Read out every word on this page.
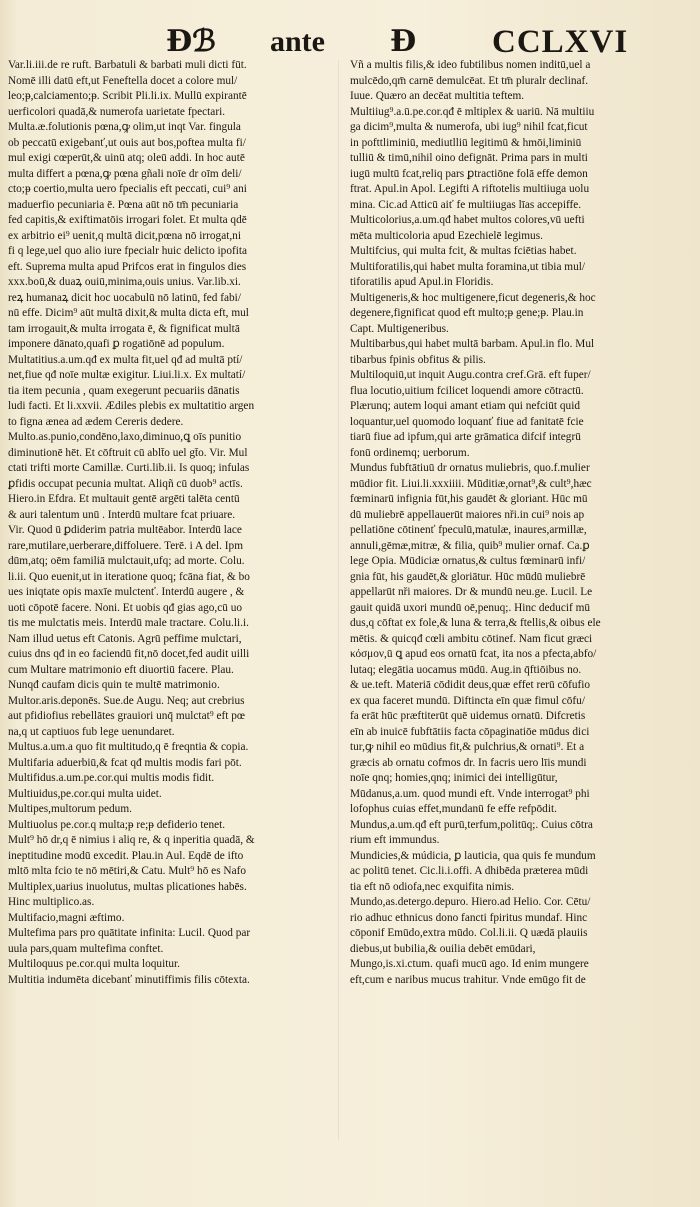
Ɖℬ ante Ɖ CCLXVI
Var.li.iii.de re ruft. Barbatuli & barbati muli dicti fūt.
Nomē illi datū eft,ut Feneftella docet a colore mul/
leo;ᵽ,calciamento;ᵽ. Scribit Pli.li.ix. Mullū expirantē
uerficolori quadā,& numerofa uarietate fpectari.
Multa.æ.folutionis pœna,ꝙ olim,ut inqt Var. fingula
ob peccatū exigebanť,ut ouis aut bos,poftea multa fi/
mul exigi cœperūt,& uinū atq; oleū addi. In hoc autē
multa differt a pœna,ꝙ pœna gñali noīe dr oīm deli/
cto;ᵽ coertio,multa uero fpecialis eft peccati, cui⁹ ani
maduerfio pecuniaria ē. Pœna aūt nō tm̄ pecuniaria
fed capitis,& exiftimatōis irrogari folet. Et multa qdē
ex arbitrio ei⁹ uenit,q multā dicit,pœna nō irrogat,ni
fi q lege,uel quo alio iure fpecialr huic delicto ipofita
eft. Suprema multa apud Prifcos erat in fingulos dies
xxx.boū,& duaꝝ ouiū,minima,ouis unius. Var.lib.xi.
reꝝ humanaꝝ dicit hoc uocabulū nō latinū, fed fabi/
nū effe. Dicim⁹ aūt multā dixit,& multa dicta eft, mul
tam irrogauit,& multa irrogata ē, & fignificat multā
imponere dānato,quafi ꝑ rogatiōnē ad populum.
Multatitius.a.um.qđ ex multa fit,uel qđ ad multā ptí/
net,fiue qđ noīe multæ exigitur. Liui.li.x. Ex multatí/
tia item pecunia , quam exegerunt pecuariis dānatis
ludi facti. Et li.xxvii. Ædiles plebis ex multatitio argen
to figna ænea ad ædem Cereris dedere.
Multo.as.punio,condēno,laxo,diminuo,ꝗ oīs punitio
diminutionē hēt. Et cōftruit cū ablt̄o uel gt̄o. Vir. Mul
ctati trifti morte Camillæ. Curti.lib.ii. Is quoq; infulas
ꝑfidis occupat pecunia multat. Aliqñ cū duob⁹ actīs.
Hiero.in Efdra. Et multauit gentē argēti talēta centū
& auri talentum unū . Interdū multare fcat priuare.
Vir. Quod ū ꝑdiderim patria multēabor. Interdū lace
rare,mutilare,uerberare,diffoluere. Terē. i A del. Ipm
dūm,atq; oēm familiā mulctauit,ufq; ad morte. Colu.
li.ii. Quo euenit,ut in iteratione quoq; fcāna fiat, & bo
ues iniqtate opis maxīe mulctenť. Interdū augere , &
uoti cōpotē facere. Noni. Et uobis qđ gias ago,cū uo
tis me mulctatis meis. Interdū male tractare. Colu.li.i.
Nam illud uetus eft Catonis. Agrū peffime mulctari,
cuius dns qđ in eo faciendū fit,nō docet,fed audit uilli
cum Multare matrimonio eft diuortiū facere. Plau.
Nunqđ caufam dicis quin te multē matrimonio.
Multor.aris.deponēs. Sue.de Augu. Neq; aut crebrius
aut pfidiofius rebellātes grauiori unq̄ mulctat⁹ eft pœ
na,q ut captiuos fub lege uenundaret.
Multus.a.um.a quo fit multitudo,q ē freqntia & copia.
Multifaria aduerbiū,& fcat qđ multis modis fari pōt.
Multifidus.a.um.pe.cor.qui multis modis fidit.
Multiuidus,pe.cor.qui multa uidet.
Multipes,multorum pedum.
Multiuolus pe.cor.q multa;ᵽ re;ᵽ defiderio tenet.
Mult⁹ hō dr,q ē nimius i aliq re, & q inperitia quadā, &
ineptitudine modū excedit. Plau.in Aul. Eqdē de ifto
mltō mlta fcio te nō mētiri,& Catu. Mult⁹ hō es Nafo
Multiplex,uarius inuolutus, multas plicationes habēs.
Hinc multiplico.as.
Multifacio,magni æftimo.
Multefima pars pro quātitate infinita: Lucil. Quod par
uula pars,quam multefima conftet.
Multiloquus pe.cor.qui multa loquitur.
Multitia indumēta dicebanť minutiffimis filis cōtexta.
Vñ a multis filis,& ideo fubtilibus nomen inditū,uel a
mulcēdo,qm̄ carnē demulcēat. Et tm̄ pluralr declinaf.
Iuue. Quæro an decēat multitia teftem.
Multiiug⁹.a.ū.pe.cor.qđ ē mltiplex & uariū. Nā multiiu
ga dicim⁹,multa & numerofa, ubi iug⁹ nihil fcat,ficut
in pofttliminiū, mediutlliū legitimū & hmōi,liminiū
tulliū & timū,nihil oino defignāt. Prima pars in multi
iugū multū fcat,reliq pars ꝑtractiōne folā effe demon
ftrat. Apul.in Apol. Legifti A riftotelis multiiuga uolu
mina. Cic.ad Atticū aiť fe multiiugas līas accepiffe.
Multicolorius,a.um.qđ habet multos colores,vū uefti
mēta multicoloria apud Ezechielē legimus.
Multifcius, qui multa fcit, & multas fciētias habet.
Multiforatilis,qui habet multa foramina,ut tibia mul/
tiforatilis apud Apul.in Floridis.
Multigeneris,& hoc multigenere,ficut degeneris,& hoc
degenere,fignificat quod eft multo;ᵽ gene;ᵽ. Plau.in
Capt. Multigeneribus.
Multibarbus,qui habet multā barbam. Apul.in flo. Mul
tibarbus fpinis obfitus & pilis.
Multiloquiū,ut inquit Augu.contra cref.Grā. eft fuper/
flua locutio,uitium fcilicet loquendi amore cōtractū.
Plærunq; autem loqui amant etiam qui nefciūt quid
loquantur,uel quomodo loquanť fiue ad fanitatē fcie
tiarū fiue ad ipfum,qui arte grāmatica difcif integrū
fonū ordinemq; uerborum.
Mundus fubftātiuū dr ornatus muliebris, quo.f.mulier
mūdior fit. Liui.li.xxxiiii. Mūditiæ,ornat⁹,& cult⁹,hæc
fœminarū infignia fūt,his gaudēt & gloriant. Hūc mū
dū muliebrē appellauerūt maiores nři.in cui⁹ nois ap
pellatiōne cōtinenť fpeculū,matulæ, inaures,armillæ,
annuli,gēmæ,mitræ, & filia, quib⁹ mulier ornaf. Ca.ꝑ
lege Opia. Mūdiciæ ornatus,& cultus fœminarū infi/
gnia fūt, his gaudēt,& gloriātur. Hūc mūdū muliebrē
appellarūt nři maiores. Dr & mundū neu.ge. Lucil. Le
gauit quidā uxori mundū oē,penuq;. Hinc deducif mū
dus,q cōftat ex fole,& luna & terra,& ftellis,& oibus ele
mētis. & quicqđ cœli ambitu cōtinef. Nam ficut græci
κόσμον,ū ꝗ apud eos ornatū fcat, ita nos a pfecta,abfo/
lutaq; elegātia uocamus mūdū. Aug.in q̄ftiōibus no.
& ue.teft. Materiā cōdidit deus,quæ effet rerū cōfufio
ex qua faceret mundū. Diftincta eīn quæ fimul cōfu/
fa erāt hūc præftiterūt quē uidemus ornatū. Difcretis
eīn ab inuicē fubftātiis facta cōpaginatiōe mūdus dici
tur,ꝙ nihil eo mūdius fit,& pulchrius,& ornati⁹. Et a
græcis ab ornatu cofmos dr. In facris uero līis mundi
noīe qnq; homies,qnq; inimici dei intelligūtur,
Mūdanus,a.um. quod mundi eft. Vnde interrogat⁹ phi
lofophus cuias effet,mundanū fe effe refpōdit.
Mundus,a.um.qđ eft purū,terfum,politūq;. Cuius cōtra
rium eft immundus.
Mundicies,& múdicia, ꝑ lauticia, qua quis fe mundum
ac politū tenet. Cic.li.i.offi. A dhibēda præterea mūdi
tia eft nō odiofa,nec exquifita nimis.
Mundo,as.detergo.depuro. Hiero.ad Helio. Cor. Cētu/
rio adhuc ethnicus dono fancti fpiritus mundaf. Hinc
cōponif Emūdo,extra mūdo. Col.li.ii. Q uædā plauiis
diebus,ut bubilia,& ouilia debēt emūdari,
Mungo,is.xi.ctum. quafi mucū ago. Id enim mungere
eft,cum e naribus mucus trahitur. Vnde emūgo fit de
